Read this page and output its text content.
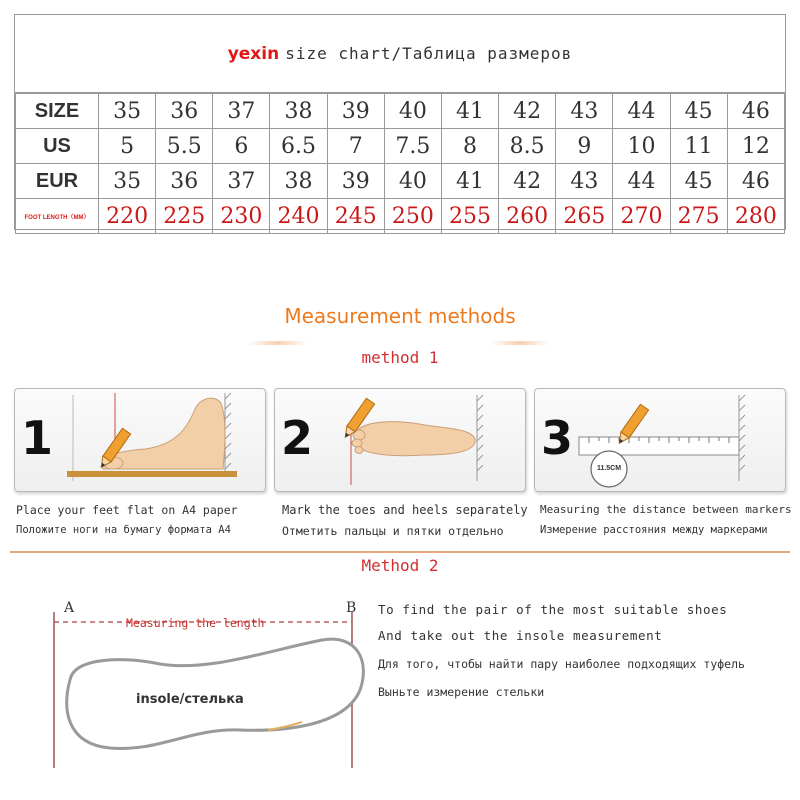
yexin size chart/Таблица размеров
SIZE	35	36	37	38	39	40	41	42	43	44	45	46
US	5	5.5	6	6.5	7	7.5	8	8.5	9	10	11	12
EUR	35	36	37	38	39	40	41	42	43	44	45	46
FOOT LENGTH（MM）	220	225	230	240	245	250	255	260	265	270	275	280
Measurement methods
method 1
1	2	3
11.5CM
Place your feet flat on A4 paper
Положите ноги на бумагу формата A4
Mark the toes and heels separately
Отметить пальцы и пятки отдельно
Measuring the distance between markers
Измерение расстояния между маркерами
Method 2
A	B
Measuring the length
insole/стелька
To find the pair of the most suitable shoes
And take out the insole measurement
Для того, чтобы найти пару наиболее подходящих туфель
Выньте измерение стельки
